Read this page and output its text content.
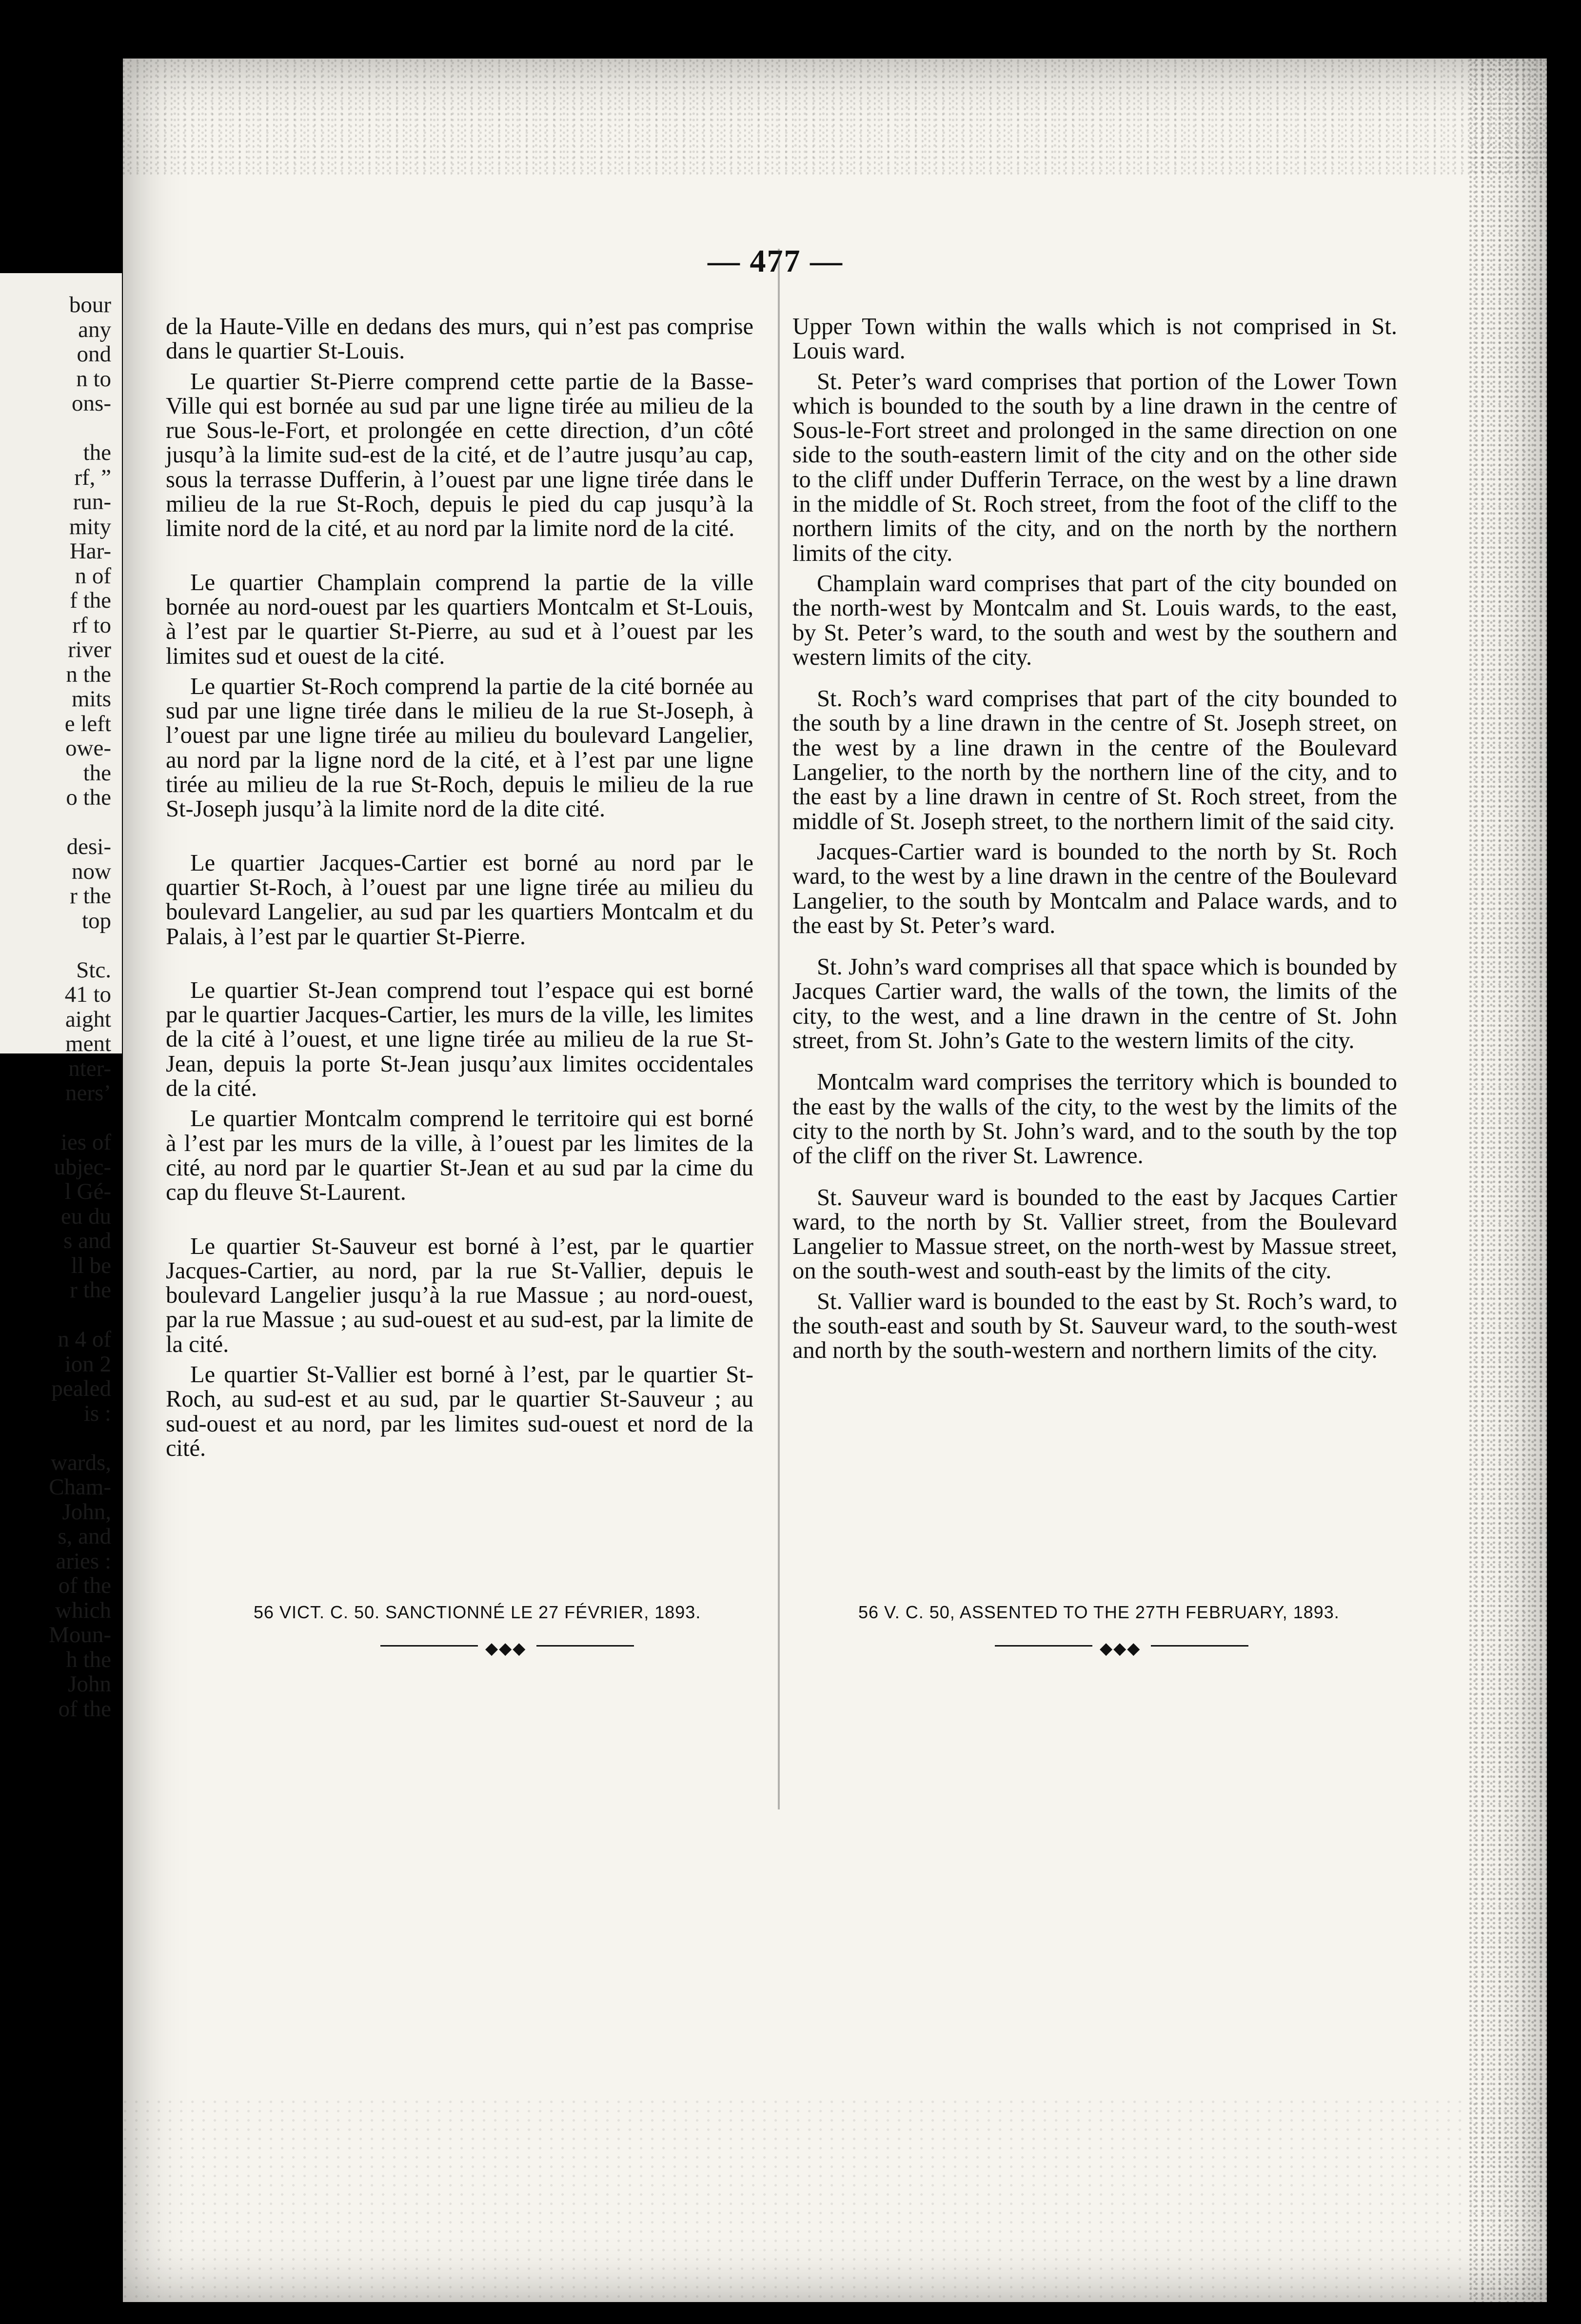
bour
any
ond
n to
ons-

the
rf, ”
run-
mity
Har-
n of
f the
rf to
river
n the
mits
e left
owe-
the
o the

desi-
now
r the
top

Stc.
41 to
aight
ment
nter-
ners’

ies of
ubjec-
l Gé-
eu du
s and
ll be
r the

n 4 of
ion 2
pealed
is :

wards,
Cham-
John,
s, and
aries :
of the
which
Moun-
h the
John
of the
— 477 —

de la Haute-Ville en dedans des murs, qui n’est pas comprise dans le quartier St-Louis.

Le quartier St-Pierre comprend cette partie de la Basse-Ville qui est bornée au sud par une ligne tirée au milieu de la rue Sous-le-Fort, et prolongée en cette direction, d’un côté jusqu’à la limite sud-est de la cité, et de l’autre jusqu’au cap, sous la terrasse Dufferin, à l’ouest par une ligne tirée dans le milieu de la rue St-Roch, depuis le pied du cap jusqu’à la limite nord de la cité, et au nord par la limite nord de la cité.

Le quartier Champlain comprend la partie de la ville bornée au nord-ouest par les quartiers Montcalm et St-Louis, à l’est par le quartier St-Pierre, au sud et à l’ouest par les limites sud et ouest de la cité.

Le quartier St-Roch comprend la partie de la cité bornée au sud par une ligne tirée dans le milieu de la rue St-Joseph, à l’ouest par une ligne tirée au milieu du boulevard Langelier, au nord par la ligne nord de la cité, et à l’est par une ligne tirée au milieu de la rue St-Roch, depuis le milieu de la rue St-Joseph jusqu’à la limite nord de la dite cité.

Le quartier Jacques-Cartier est borné au nord par le quartier St-Roch, à l’ouest par une ligne tirée au milieu du boulevard Langelier, au sud par les quartiers Montcalm et du Palais, à l’est par le quartier St-Pierre.

Le quartier St-Jean comprend tout l’espace qui est borné par le quartier Jacques-Cartier, les murs de la ville, les limites de la cité à l’ouest, et une ligne tirée au milieu de la rue St-Jean, depuis la porte St-Jean jusqu’aux limites occidentales de la cité.

Le quartier Montcalm comprend le territoire qui est borné à l’est par les murs de la ville, à l’ouest par les limites de la cité, au nord par le quartier St-Jean et au sud par la cime du cap du fleuve St-Laurent.

Le quartier St-Sauveur est borné à l’est, par le quartier Jacques-Cartier, au nord, par la rue St-Vallier, depuis le boulevard Langelier jusqu’à la rue Massue ; au nord-ouest, par la rue Massue ; au sud-ouest et au sud-est, par la limite de la cité.

Le quartier St-Vallier est borné à l’est, par le quartier St-Roch, au sud-est et au sud, par le quartier St-Sauveur ; au sud-ouest et au nord, par les limites sud-ouest et nord de la cité.

Upper Town within the walls which is not comprised in St. Louis ward.

St. Peter’s ward comprises that portion of the Lower Town which is bounded to the south by a line drawn in the centre of Sous-le-Fort street and prolonged in the same direction on one side to the south-eastern limit of the city and on the other side to the cliff under Dufferin Terrace, on the west by a line drawn in the middle of St. Roch street, from the foot of the cliff to the northern limits of the city, and on the north by the northern limits of the city.

Champlain ward comprises that part of the city bounded on the north-west by Montcalm and St. Louis wards, to the east, by St. Peter’s ward, to the south and west by the southern and western limits of the city.

St. Roch’s ward comprises that part of the city bounded to the south by a line drawn in the centre of St. Joseph street, on the west by a line drawn in the centre of the Boulevard Langelier, to the north by the northern line of the city, and to the east by a line drawn in centre of St. Roch street, from the middle of St. Joseph street, to the northern limit of the said city.

Jacques-Cartier ward is bounded to the north by St. Roch ward, to the west by a line drawn in the centre of the Boulevard Langelier, to the south by Montcalm and Palace wards, and to the east by St. Peter’s ward.

St. John’s ward comprises all that space which is bounded by Jacques Cartier ward, the walls of the town, the limits of the city, to the west, and a line drawn in the centre of St. John street, from St. John’s Gate to the western limits of the city.

Montcalm ward comprises the territory which is bounded to the east by the walls of the city, to the west by the limits of the city to the north by St. John’s ward, and to the south by the top of the cliff on the river St. Lawrence.

St. Sauveur ward is bounded to the east by Jacques Cartier ward, to the north by St. Vallier street, from the Boulevard Langelier to Massue street, on the north-west by Massue street, on the south-west and south-east by the limits of the city.

St. Vallier ward is bounded to the east by St. Roch’s ward, to the south-east and south by St. Sauveur ward, to the south-west and north by the south-western and northern limits of the city.

56 VICT. C. 50. SANCTIONNÉ LE 27 FÉVRIER, 1893.	56 V. C. 50, ASSENTED TO THE 27TH FEBRUARY, 1893.
◆◆◆	◆◆◆
